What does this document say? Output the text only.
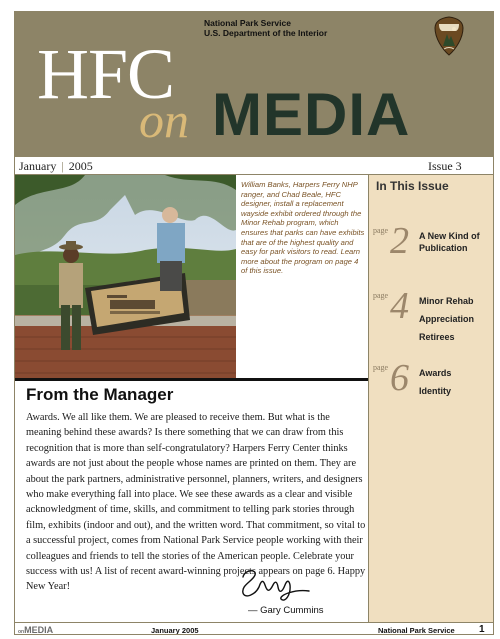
National Park Service
U.S. Department of the Interior
HFC
on MEDIA
January | 2005	Issue 3
William Banks, Harpers Ferry NHP ranger, and Chad Beale, HFC designer, install a replacement wayside exhibit ordered through the Minor Rehab program, which ensures that parks can have exhibits that are of the highest quality and easy for park visitors to read. Learn more about the program on page 4 of this issue.
In This Issue
page 2 A New Kind of
Publication
page 4 Minor Rehab
Appreciation
Retirees
page 6 Awards
Identity
From the Manager
Awards. We all like them. We are pleased to receive them. But what is the meaning behind these awards? Is there something that we can draw from this recognition that is more than self-congratulatory? Harpers Ferry Center thinks awards are not just about the people whose names are printed on them. They are about the park partners, administrative personnel, planners, writers, and designers who make everything fall into place. We see these awards as a clear and visible acknowledgment of time, skills, and commitment to telling park stories through film, exhibits (indoor and out), and the written word. That commitment, so vital to a successful project, comes from National Park Service people working with their colleagues and friends to tell the stories of the American people. Celebrate your success with us! A list of recent award-winning projects appears on page 6. Happy New Year!
— Gary Cummins
onMEDIA	January 2005	National Park Service 1
